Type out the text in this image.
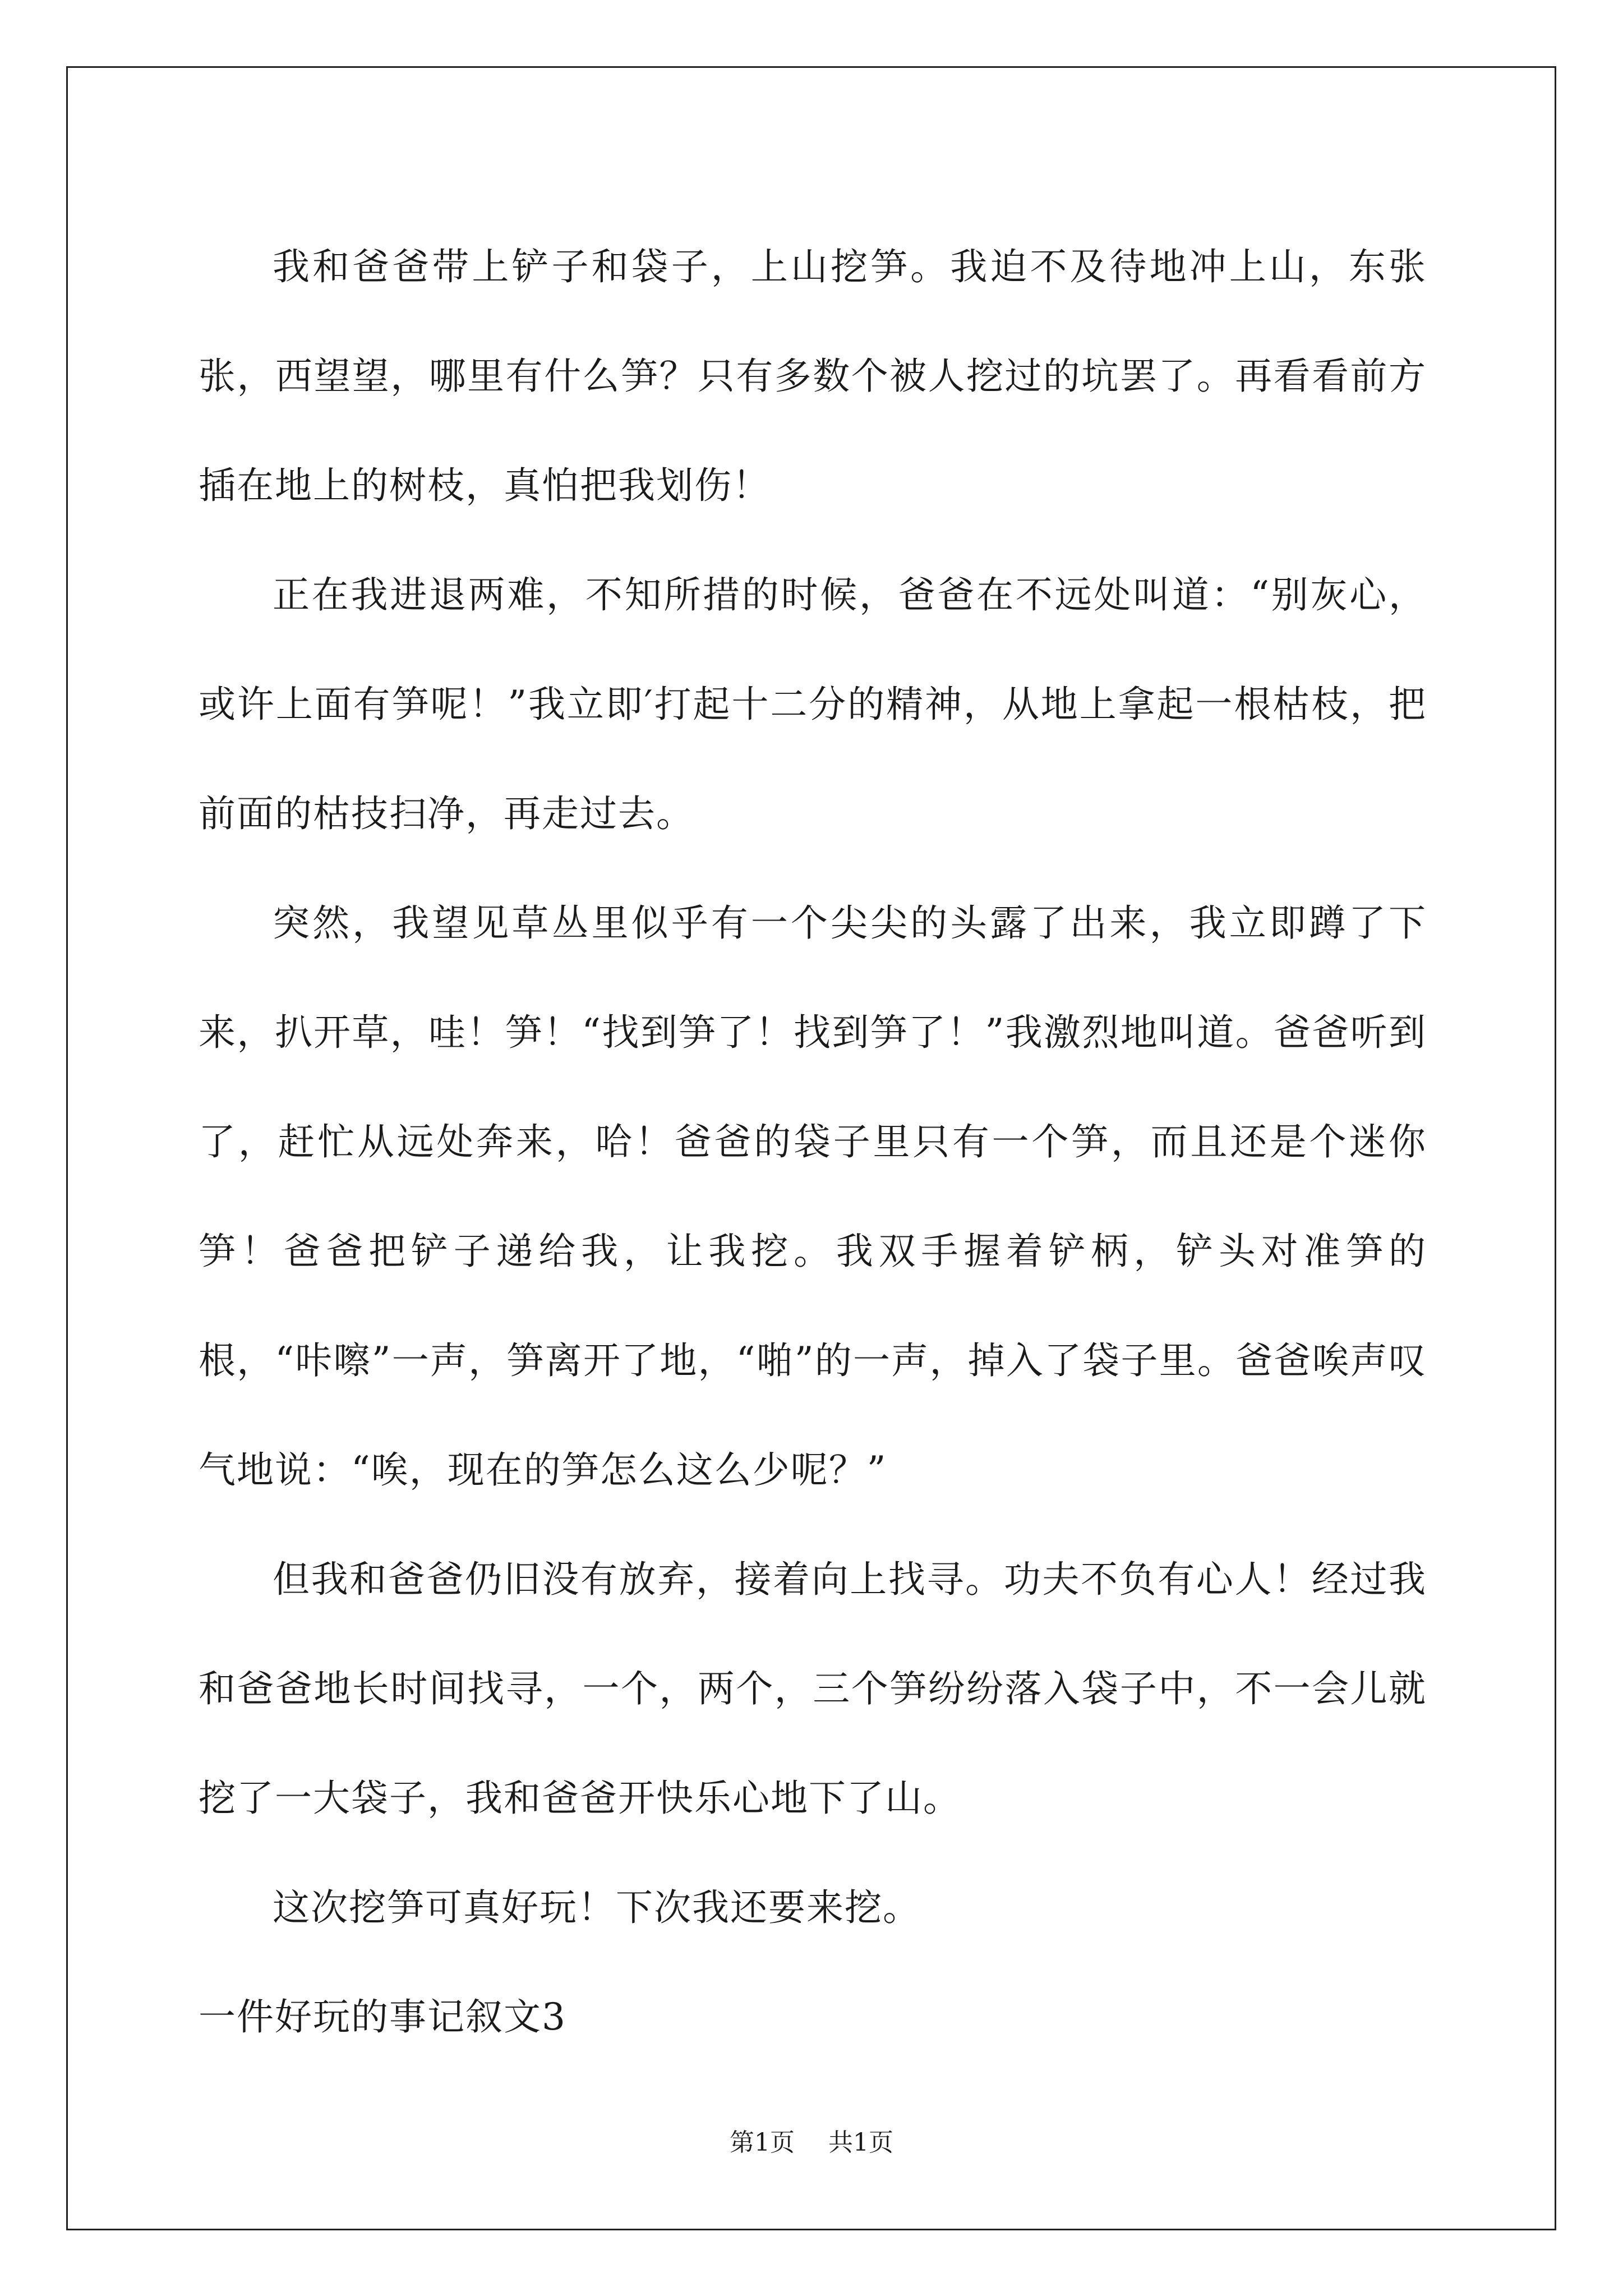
我和爸爸带上铲子和袋子，上山挖笋。我迫不及待地冲上山，东张张，西望望，哪里有什么笋？只有多数个被人挖过的坑罢了。再看看前方插在地上的树枝，真怕把我划伤！

正在我进退两难，不知所措的时候，爸爸在不远处叫道：“别灰心，或许上面有笋呢！”我立即′打起十二分的精神，从地上拿起一根枯枝，把前面的枯技扫净，再走过去。

突然，我望见草丛里似乎有一个尖尖的头露了出来，我立即蹲了下来，扒开草，哇！笋！“找到笋了！找到笋了！”我激烈地叫道。爸爸听到了，赶忙从远处奔来，哈！爸爸的袋子里只有一个笋，而且还是个迷你笋！爸爸把铲子递给我，让我挖。我双手握着铲柄，铲头对准笋的根，“咔嚓”一声，笋离开了地，“啪”的一声，掉入了袋子里。爸爸唉声叹气地说：“唉，现在的笋怎么这么少呢？”

但我和爸爸仍旧没有放弃，接着向上找寻。功夫不负有心人！经过我和爸爸地长时间找寻，一个，两个，三个笋纷纷落入袋子中，不一会儿就挖了一大袋子，我和爸爸开快乐心地下了山。

这次挖笋可真好玩！下次我还要来挖。

一件好玩的事记叙文3

第1页 共1页
